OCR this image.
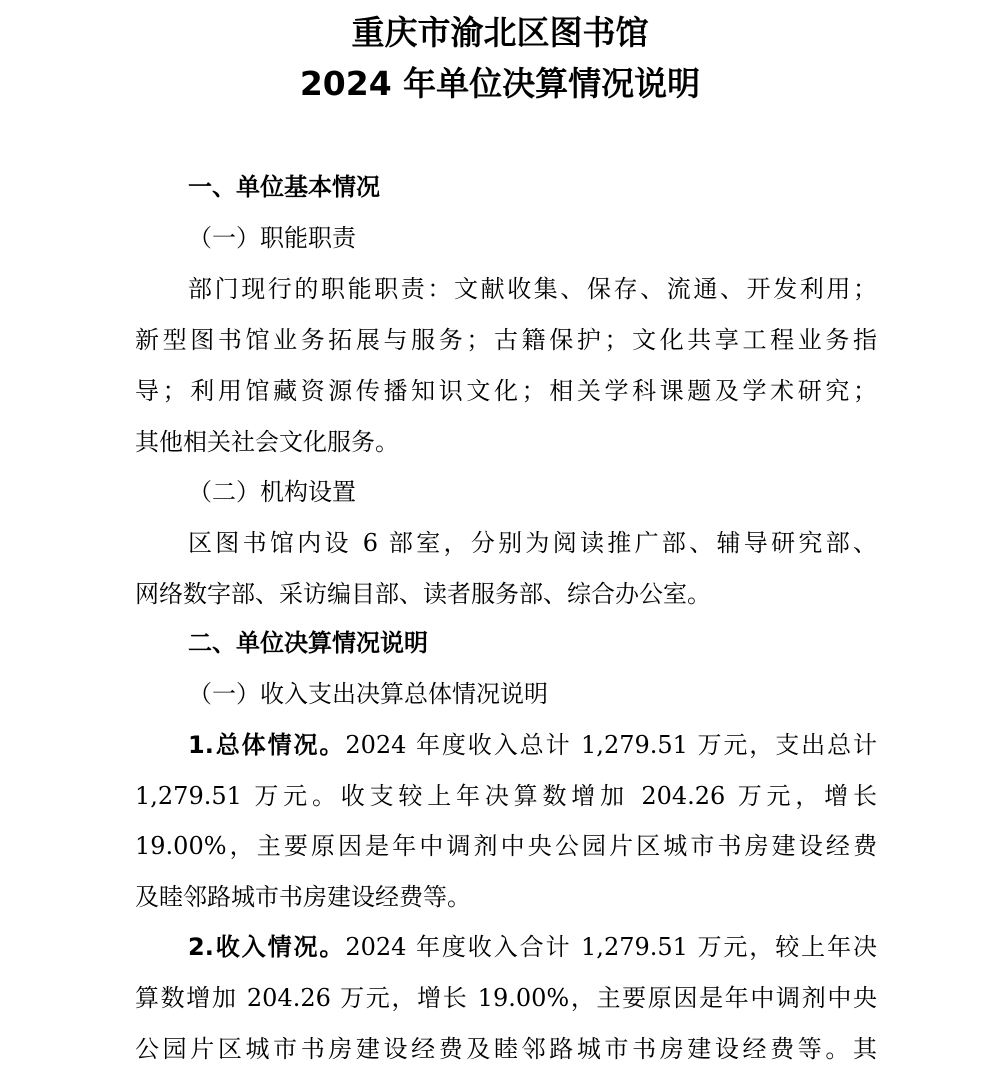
重庆市渝北区图书馆
2024 年单位决算情况说明
一、单位基本情况
（一）职能职责
部门现行的职能职责：文献收集、保存、流通、开发利用；
新型图书馆业务拓展与服务；古籍保护；文化共享工程业务指
导；利用馆藏资源传播知识文化；相关学科课题及学术研究；
其他相关社会文化服务。
（二）机构设置
区图书馆内设 6 部室，分别为阅读推广部、辅导研究部、
网络数字部、采访编目部、读者服务部、综合办公室。
二、单位决算情况说明
（一）收入支出决算总体情况说明
1.总体情况。2024 年度收入总计 1,279.51 万元，支出总计
1,279.51 万元。收支较上年决算数增加 204.26 万元，增长
19.00%，主要原因是年中调剂中央公园片区城市书房建设经费
及睦邻路城市书房建设经费等。
2.收入情况。2024 年度收入合计 1,279.51 万元，较上年决
算数增加 204.26 万元，增长 19.00%，主要原因是年中调剂中央
公园片区城市书房建设经费及睦邻路城市书房建设经费等。其
